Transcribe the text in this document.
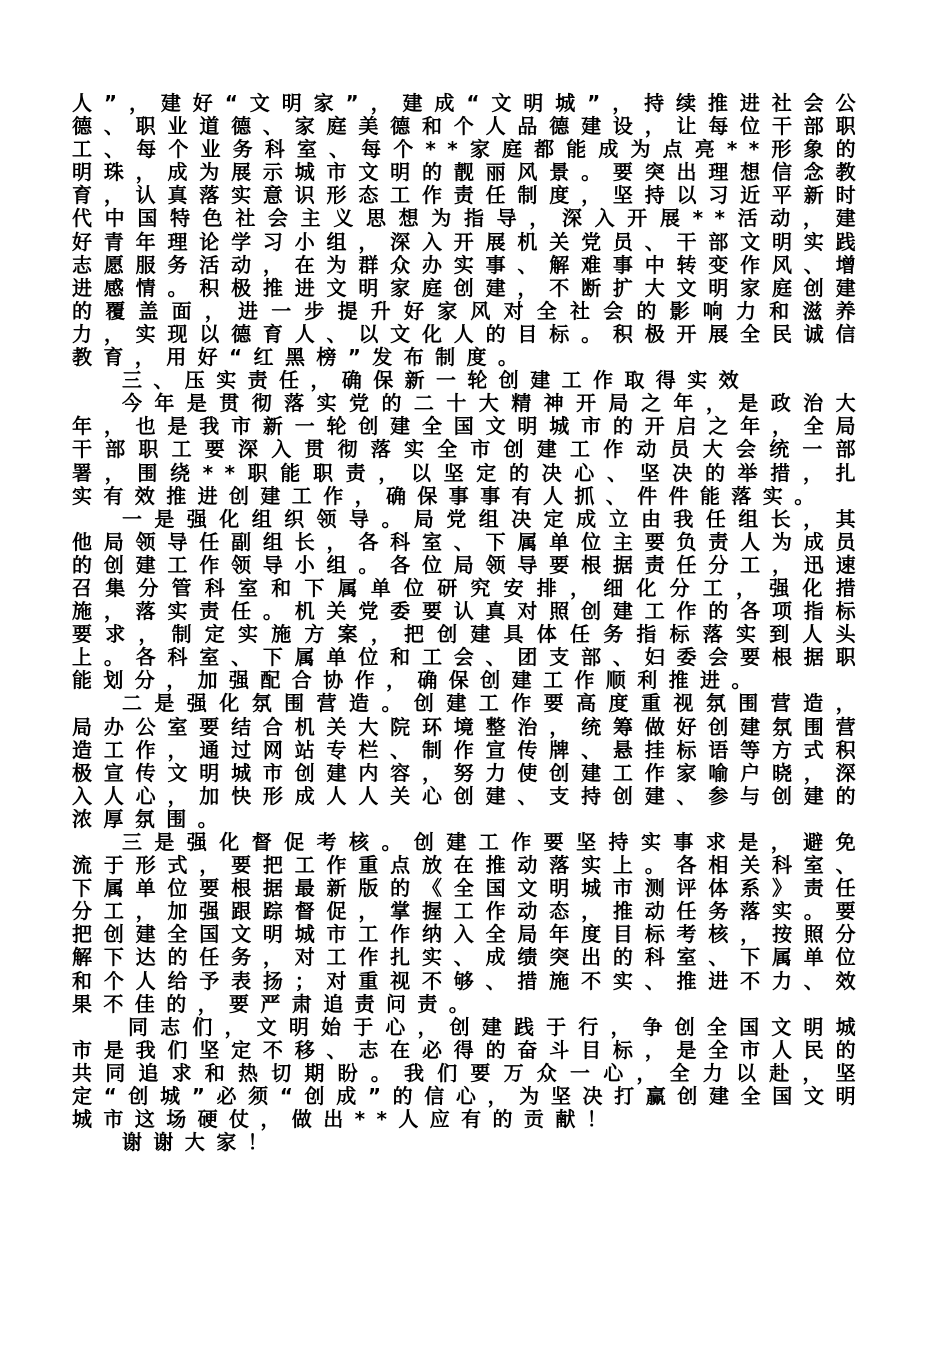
人”，建好“文明家”，建成“文明城”，持续推进社会公德、职业道德、家庭美德和个人品德建设，让每位干部职工、每个业务科室、每个**家庭都能成为点亮**形象的明珠，成为展示城市文明的靓丽风景。要突出理想信念教育，认真落实意识形态工作责任制度，坚持以习近平新时代中国特色社会主义思想为指导，深入开展**活动，建好青年理论学习小组，深入开展机关党员、干部文明实践志愿服务活动，在为群众办实事、解难事中转变作风、增进感情。积极推进文明家庭创建，不断扩大文明家庭创建的覆盖面，进一步提升好家风对全社会的影响力和滋养力，实现以德育人、以文化人的目标。积极开展全民诚信教育，用好“红黑榜”发布制度。

三、压实责任，确保新一轮创建工作取得实效

今年是贯彻落实党的二十大精神开局之年，是政治大年，也是我市新一轮创建全国文明城市的开启之年，全局干部职工要深入贯彻落实全市创建工作动员大会统一部署，围绕**职能职责，以坚定的决心、坚决的举措，扎实有效推进创建工作，确保事事有人抓、件件能落实。

一是强化组织领导。局党组决定成立由我任组长，其他局领导任副组长，各科室、下属单位主要负责人为成员的创建工作领导小组。各位局领导要根据责任分工，迅速召集分管科室和下属单位研究安排，细化分工，强化措施，落实责任。机关党委要认真对照创建工作的各项指标要求，制定实施方案，把创建具体任务指标落实到人头上。各科室、下属单位和工会、团支部、妇委会要根据职能划分，加强配合协作，确保创建工作顺利推进。

二是强化氛围营造。创建工作要高度重视氛围营造，局办公室要结合机关大院环境整治，统筹做好创建氛围营造工作，通过网站专栏、制作宣传牌、悬挂标语等方式积极宣传文明城市创建内容，努力使创建工作家喻户晓，深入人心，加快形成人人关心创建、支持创建、参与创建的浓厚氛围。

三是强化督促考核。创建工作要坚持实事求是，避免流于形式，要把工作重点放在推动落实上。各相关科室、下属单位要根据最新版的《全国文明城市测评体系》责任分工，加强跟踪督促，掌握工作动态，推动任务落实。要把创建全国文明城市工作纳入全局年度目标考核，按照分解下达的任务，对工作扎实、成绩突出的科室、下属单位和个人给予表扬；对重视不够、措施不实、推进不力、效果不佳的，要严肃追责问责。

同志们，文明始于心，创建践于行，争创全国文明城市是我们坚定不移、志在必得的奋斗目标，是全市人民的共同追求和热切期盼。我们要万众一心，全力以赴，坚定“创城”必须“创成”的信心，为坚决打赢创建全国文明城市这场硬仗，做出**人应有的贡献！

谢谢大家！
